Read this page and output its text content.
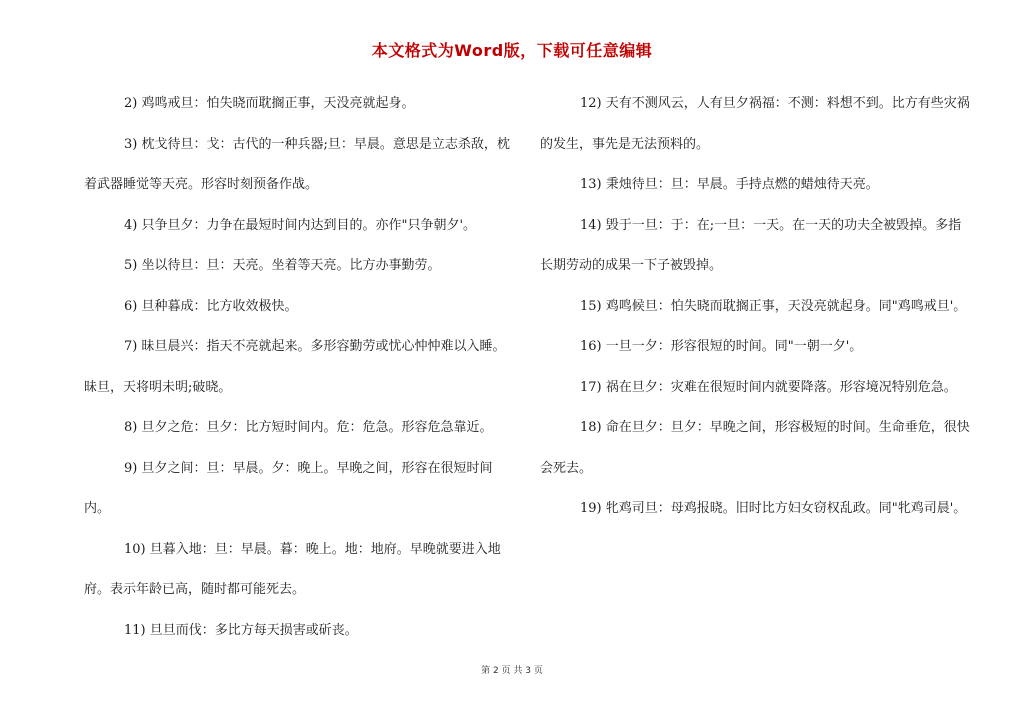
本文格式为Word版，下载可任意编辑

2) 鸡鸣戒旦：怕失晓而耽搁正事，天没亮就起身。

3) 枕戈待旦：戈：古代的一种兵器;旦：早晨。意思是立志杀敌，枕着武器睡觉等天亮。形容时刻预备作战。

4) 只争旦夕：力争在最短时间内达到目的。亦作"只争朝夕'。

5) 坐以待旦：旦：天亮。坐着等天亮。比方办事勤劳。

6) 旦种暮成：比方收效极快。

7) 昧旦晨兴：指天不亮就起来。多形容勤劳或忧心忡忡难以入睡。昧旦，天将明未明;破晓。

8) 旦夕之危：旦夕：比方短时间内。危：危急。形容危急靠近。

9) 旦夕之间：旦：早晨。夕：晚上。早晚之间，形容在很短时间内。

10) 旦暮入地：旦：早晨。暮：晚上。地：地府。早晚就要进入地府。表示年龄已高，随时都可能死去。

11) 旦旦而伐：多比方每天损害或斫丧。

12) 天有不测风云，人有旦夕祸福：不测：料想不到。比方有些灾祸的发生，事先是无法预料的。

13) 秉烛待旦：旦：早晨。手持点燃的蜡烛待天亮。

14) 毁于一旦：于：在;一旦：一天。在一天的功夫全被毁掉。多指长期劳动的成果一下子被毁掉。

15) 鸡鸣候旦：怕失晓而耽搁正事，天没亮就起身。同"鸡鸣戒旦'。

16) 一旦一夕：形容很短的时间。同"一朝一夕'。

17) 祸在旦夕：灾难在很短时间内就要降落。形容境况特别危急。

18) 命在旦夕：旦夕：早晚之间，形容极短的时间。生命垂危，很快会死去。

19) 牝鸡司旦：母鸡报晓。旧时比方妇女窃权乱政。同"牝鸡司晨'。

第 2 页 共 3 页
